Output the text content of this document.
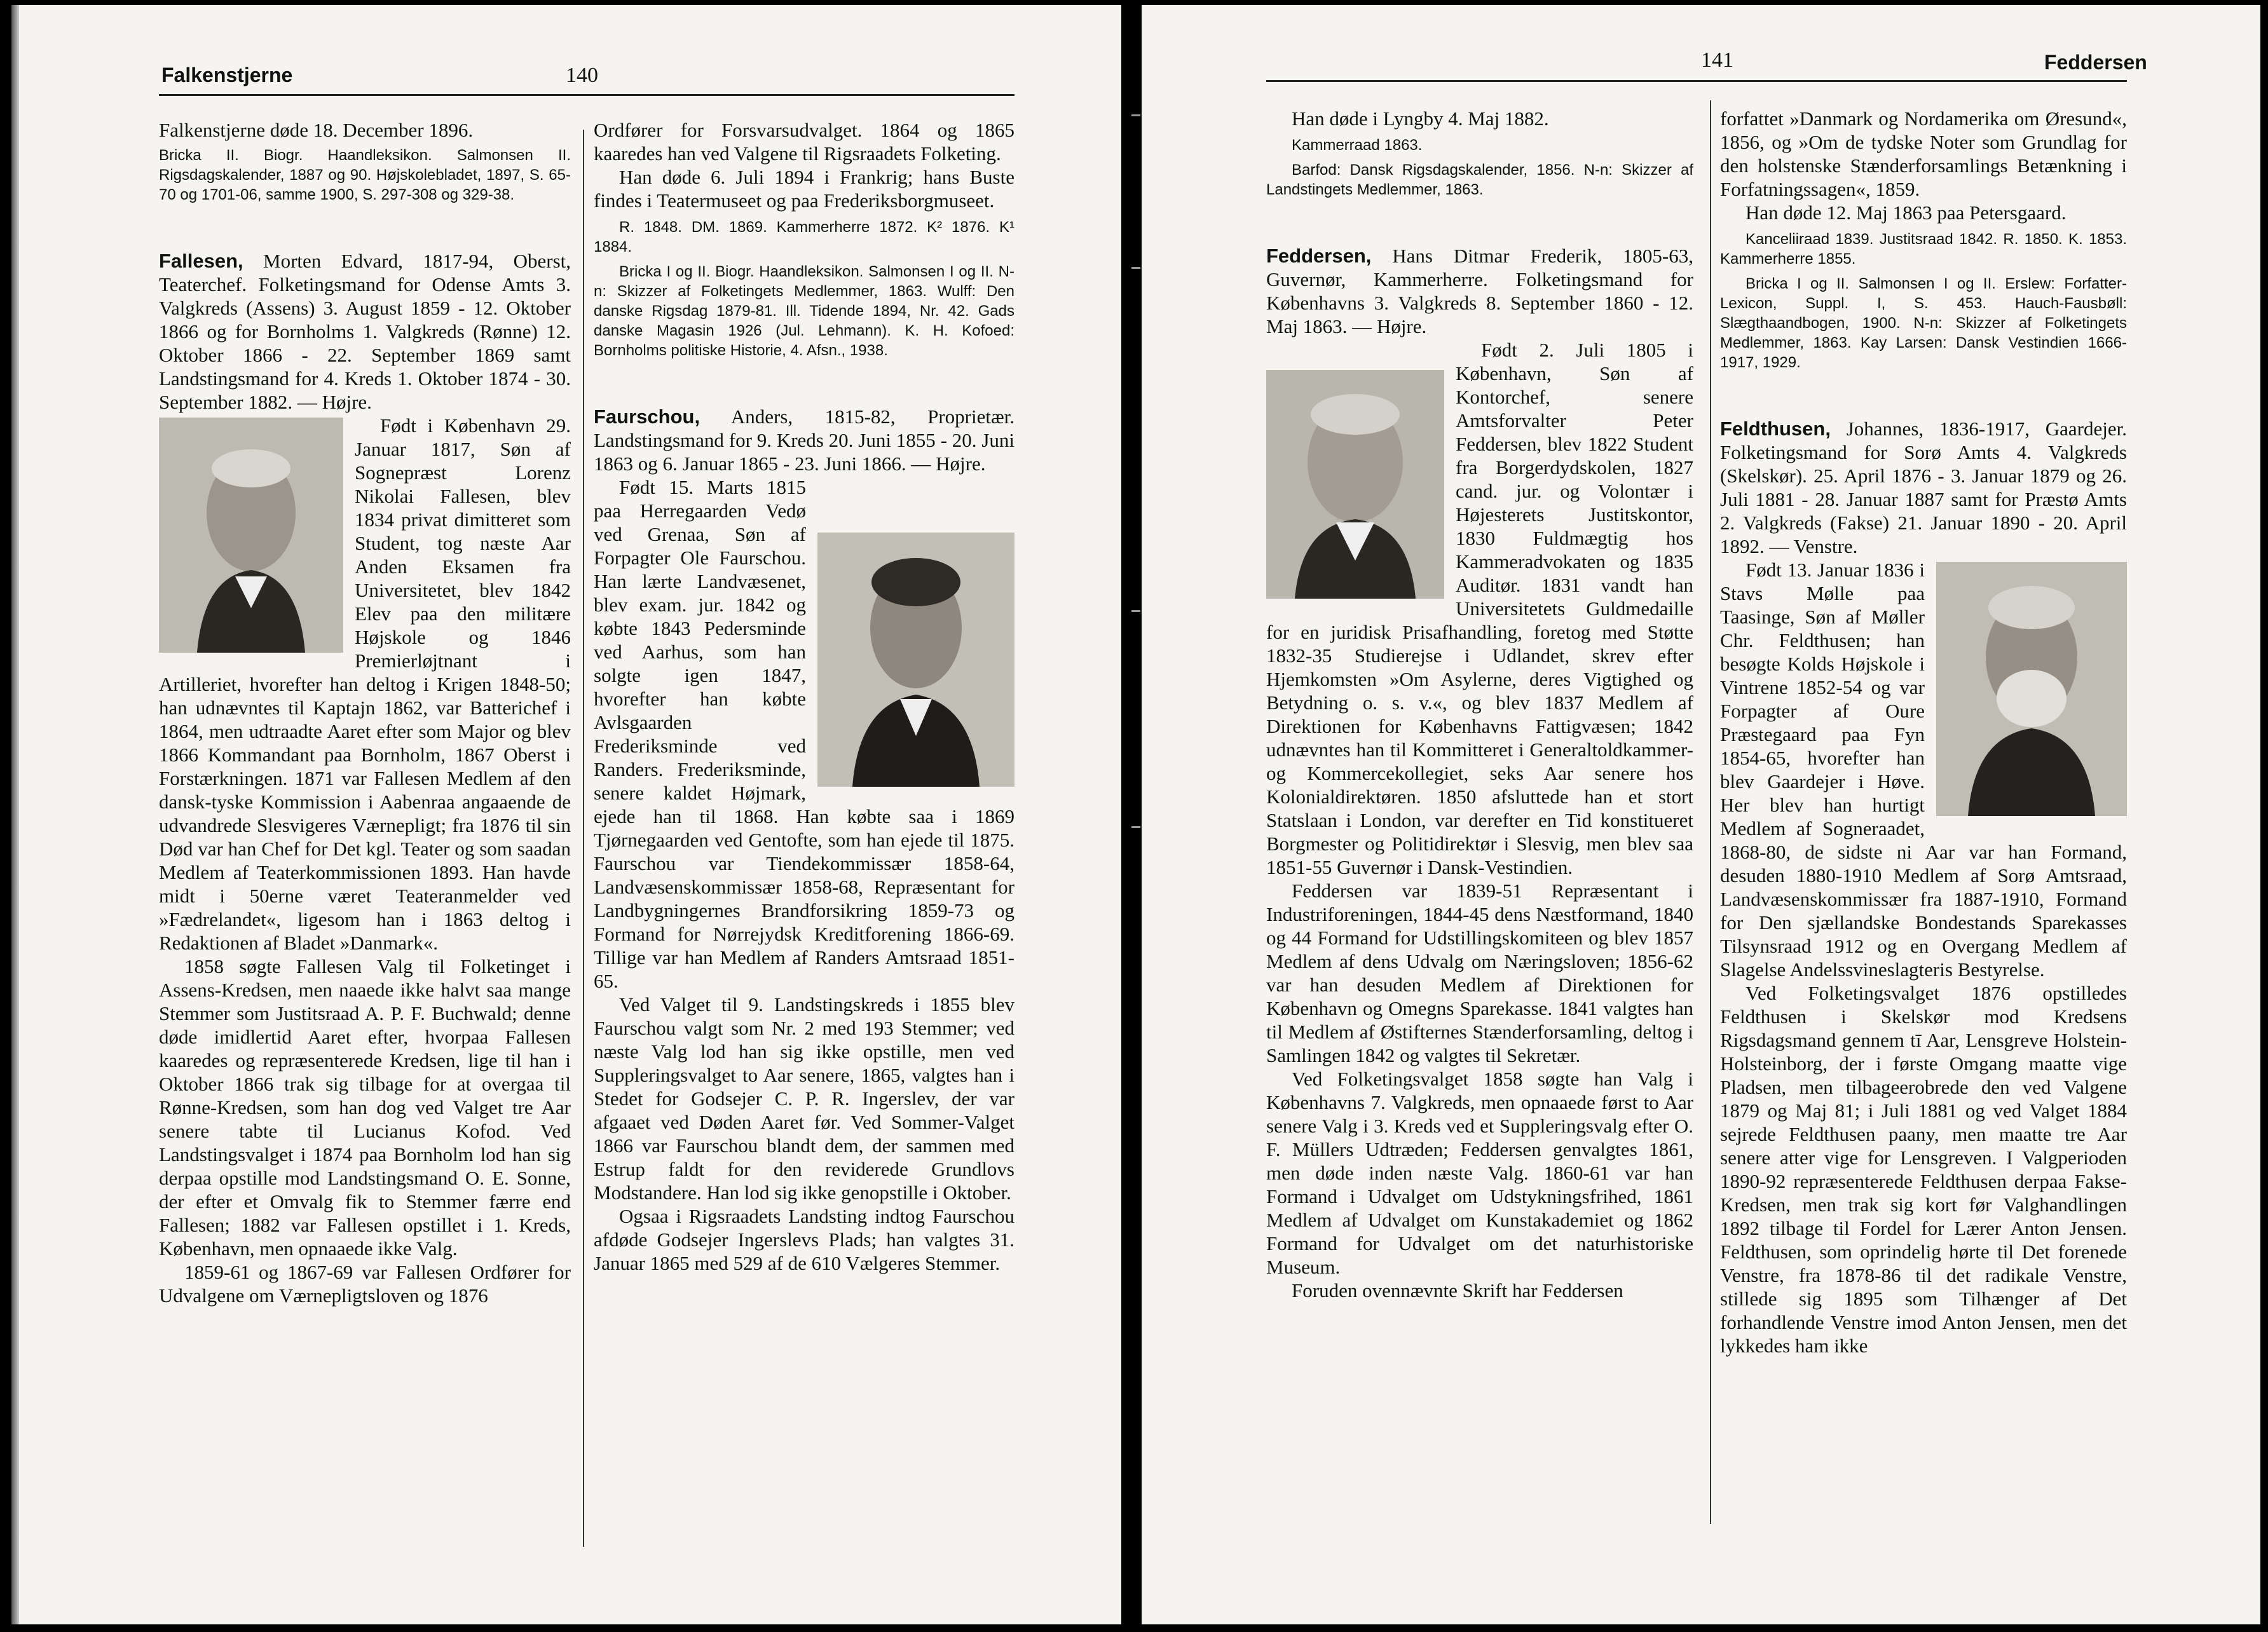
Falkenstjerne	140

Falkenstjerne døde 18. December 1896.

Bricka II. Biogr. Haandleksikon. Salmonsen II. Rigsdagskalender, 1887 og 90. Højskolebladet, 1897, S. 65-70 og 1701-06, samme 1900, S. 297-308 og 329-38.

Fallesen, Morten Edvard, 1817-94, Oberst, Teaterchef. Folketingsmand for Odense Amts 3. Valgkreds (Assens) 3. August 1859 - 12. Oktober 1866 og for Bornholms 1. Valgkreds (Rønne) 12. Oktober 1866 - 22. September 1869 samt Landstingsmand for 4. Kreds 1. Oktober 1874 - 30. September 1882. — Højre.

Født i København 29. Januar 1817, Søn af Sognepræst Lorenz Nikolai Fallesen, blev 1834 privat dimitteret som Student, tog næste Aar Anden Eksamen fra Universitetet, blev 1842 Elev paa den militære Højskole og 1846 Premierløjtnant i Artilleriet, hvorefter han deltog i Krigen 1848-50; han udnævntes til Kaptajn 1862, var Batterichef i 1864, men udtraadte Aaret efter som Major og blev 1866 Kommandant paa Bornholm, 1867 Oberst i Forstærkningen. 1871 var Fallesen Medlem af den dansk-tyske Kommission i Aabenraa angaaende de udvandrede Slesvigeres Værnepligt; fra 1876 til sin Død var han Chef for Det kgl. Teater og som saadan Medlem af Teaterkommissionen 1893. Han havde midt i 50erne været Teateranmelder ved »Fædrelandet«, ligesom han i 1863 deltog i Redaktionen af Bladet »Danmark«.

1858 søgte Fallesen Valg til Folketinget i Assens-Kredsen, men naaede ikke halvt saa mange Stemmer som Justitsraad A. P. F. Buchwald; denne døde imidlertid Aaret efter, hvorpaa Fallesen kaaredes og repræsenterede Kredsen, lige til han i Oktober 1866 trak sig tilbage for at overgaa til Rønne-Kredsen, som han dog ved Valget tre Aar senere tabte til Lucianus Kofod. Ved Landstingsvalget i 1874 paa Bornholm lod han sig derpaa opstille mod Landstingsmand O. E. Sonne, der efter et Omvalg fik to Stemmer færre end Fallesen; 1882 var Fallesen opstillet i 1. Kreds, København, men opnaaede ikke Valg.

1859-61 og 1867-69 var Fallesen Ordfører for Udvalgene om Værnepligtsloven og 1876

Ordfører for Forsvarsudvalget. 1864 og 1865 kaaredes han ved Valgene til Rigsraadets Folketing.

Han døde 6. Juli 1894 i Frankrig; hans Buste findes i Teatermuseet og paa Frederiksborgmuseet.

R. 1848. DM. 1869. Kammerherre 1872. K² 1876. K¹ 1884.

Bricka I og II. Biogr. Haandleksikon. Salmonsen I og II. N-n: Skizzer af Folketingets Medlemmer, 1863. Wulff: Den danske Rigsdag 1879-81. Ill. Tidende 1894, Nr. 42. Gads danske Magasin 1926 (Jul. Lehmann). K. H. Kofoed: Bornholms politiske Historie, 4. Afsn., 1938.

Faurschou, Anders, 1815-82, Proprietær. Landstingsmand for 9. Kreds 20. Juni 1855 - 20. Juni 1863 og 6. Januar 1865 - 23. Juni 1866. — Højre.

Født 15. Marts 1815 paa Herregaarden Vedø ved Grenaa, Søn af Forpagter Ole Faurschou. Han lærte Landvæsenet, blev exam. jur. 1842 og købte 1843 Pedersminde ved Aarhus, som han solgte igen 1847, hvorefter han købte Avlsgaarden Frederiksminde ved Randers. Frederiksminde, senere kaldet Højmark, ejede han til 1868. Han købte saa i 1869 Tjørnegaarden ved Gentofte, som han ejede til 1875. Faurschou var Tiendekommissær 1858-64, Landvæsenskommissær 1858-68, Repræsentant for Landbygningernes Brandforsikring 1859-73 og Formand for Nørrejydsk Kreditforening 1866-69. Tillige var han Medlem af Randers Amtsraad 1851-65.

Ved Valget til 9. Landstingskreds i 1855 blev Faurschou valgt som Nr. 2 med 193 Stemmer; ved næste Valg lod han sig ikke opstille, men ved Suppleringsvalget to Aar senere, 1865, valgtes han i Stedet for Godsejer C. P. R. Ingerslev, der var afgaaet ved Døden Aaret før. Ved Sommer-Valget 1866 var Faurschou blandt dem, der sammen med Estrup faldt for den reviderede Grundlovs Modstandere. Han lod sig ikke genopstille i Oktober.

Ogsaa i Rigsraadets Landsting indtog Faurschou afdøde Godsejer Ingerslevs Plads; han valgtes 31. Januar 1865 med 529 af de 610 Vælgeres Stemmer.

141	Feddersen

Han døde i Lyngby 4. Maj 1882.

Kammerraad 1863.

Barfod: Dansk Rigsdagskalender, 1856. N-n: Skizzer af Landstingets Medlemmer, 1863.

Feddersen, Hans Ditmar Frederik, 1805-63, Guvernør, Kammerherre. Folketingsmand for Københavns 3. Valgkreds 8. September 1860 - 12. Maj 1863. — Højre.

Født 2. Juli 1805 i København, Søn af Kontorchef, senere Amtsforvalter Peter Feddersen, blev 1822 Student fra Borgerdydskolen, 1827 cand. jur. og Volontær i Højesterets Justitskontor, 1830 Fuldmægtig hos Kammeradvokaten og 1835 Auditør. 1831 vandt han Universitetets Guldmedaille for en juridisk Prisafhandling, foretog med Støtte 1832-35 Studierejse i Udlandet, skrev efter Hjemkomsten »Om Asylerne, deres Vigtighed og Betydning o. s. v.«, og blev 1837 Medlem af Direktionen for Københavns Fattigvæsen; 1842 udnævntes han til Kommitteret i Generaltoldkammer- og Kommercekollegiet, seks Aar senere hos Kolonialdirektøren. 1850 afsluttede han et stort Statslaan i London, var derefter en Tid konstitueret Borgmester og Politidirektør i Slesvig, men blev saa 1851-55 Guvernør i Dansk-Vestindien.

Feddersen var 1839-51 Repræsentant i Industriforeningen, 1844-45 dens Næstformand, 1840 og 44 Formand for Udstillingskomiteen og blev 1857 Medlem af dens Udvalg om Næringsloven; 1856-62 var han desuden Medlem af Direktionen for København og Omegns Sparekasse. 1841 valgtes han til Medlem af Østifternes Stænderforsamling, deltog i Samlingen 1842 og valgtes til Sekretær.

Ved Folketingsvalget 1858 søgte han Valg i Københavns 7. Valgkreds, men opnaaede først to Aar senere Valg i 3. Kreds ved et Suppleringsvalg efter O. F. Müllers Udtræden; Feddersen genvalgtes 1861, men døde inden næste Valg. 1860-61 var han Formand i Udvalget om Udstykningsfrihed, 1861 Medlem af Udvalget om Kunstakademiet og 1862 Formand for Udvalget om det naturhistoriske Museum.

Foruden ovennævnte Skrift har Feddersen

forfattet »Danmark og Nordamerika om Øresund«, 1856, og »Om de tydske Noter som Grundlag for den holstenske Stænderforsamlings Betænkning i Forfatningssagen«, 1859.

Han døde 12. Maj 1863 paa Petersgaard.

Kanceliiraad 1839. Justitsraad 1842. R. 1850. K. 1853. Kammerherre 1855.

Bricka I og II. Salmonsen I og II. Erslew: Forfatter-Lexicon, Suppl. I, S. 453. Hauch-Fausbøll: Slægthaandbogen, 1900. N-n: Skizzer af Folketingets Medlemmer, 1863. Kay Larsen: Dansk Vestindien 1666-1917, 1929.

Feldthusen, Johannes, 1836-1917, Gaardejer. Folketingsmand for Sorø Amts 4. Valgkreds (Skelskør). 25. April 1876 - 3. Januar 1879 og 26. Juli 1881 - 28. Januar 1887 samt for Præstø Amts 2. Valgkreds (Fakse) 21. Januar 1890 - 20. April 1892. — Venstre.

Født 13. Januar 1836 i Stavs Mølle paa Taasinge, Søn af Møller Chr. Feldthusen; han besøgte Kolds Højskole i Vintrene 1852-54 og var Forpagter af Oure Præstegaard paa Fyn 1854-65, hvorefter han blev Gaardejer i Høve. Her blev han hurtigt Medlem af Sogneraadet, 1868-80, de sidste ni Aar var han Formand, desuden 1880-1910 Medlem af Sorø Amtsraad, Landvæsenskommissær fra 1887-1910, Formand for Den sjællandske Bondestands Sparekasses Tilsynsraad 1912 og en Overgang Medlem af Slagelse Andelssvineslagteris Bestyrelse.

Ved Folketingsvalget 1876 opstilledes Feldthusen i Skelskør mod Kredsens Rigsdagsmand gennem tī Aar, Lensgreve Holstein-Holsteinborg, der i første Omgang maatte vige Pladsen, men tilbageerobrede den ved Valgene 1879 og Maj 81; i Juli 1881 og ved Valget 1884 sejrede Feldthusen paany, men maatte tre Aar senere atter vige for Lensgreven. I Valgperioden 1890-92 repræsenterede Feldthusen derpaa Fakse-Kredsen, men trak sig kort før Valghandlingen 1892 tilbage til Fordel for Lærer Anton Jensen. Feldthusen, som oprindelig hørte til Det forenede Venstre, fra 1878-86 til det radikale Venstre, stillede sig 1895 som Tilhænger af Det forhandlende Venstre imod Anton Jensen, men det lykkedes ham ikke
